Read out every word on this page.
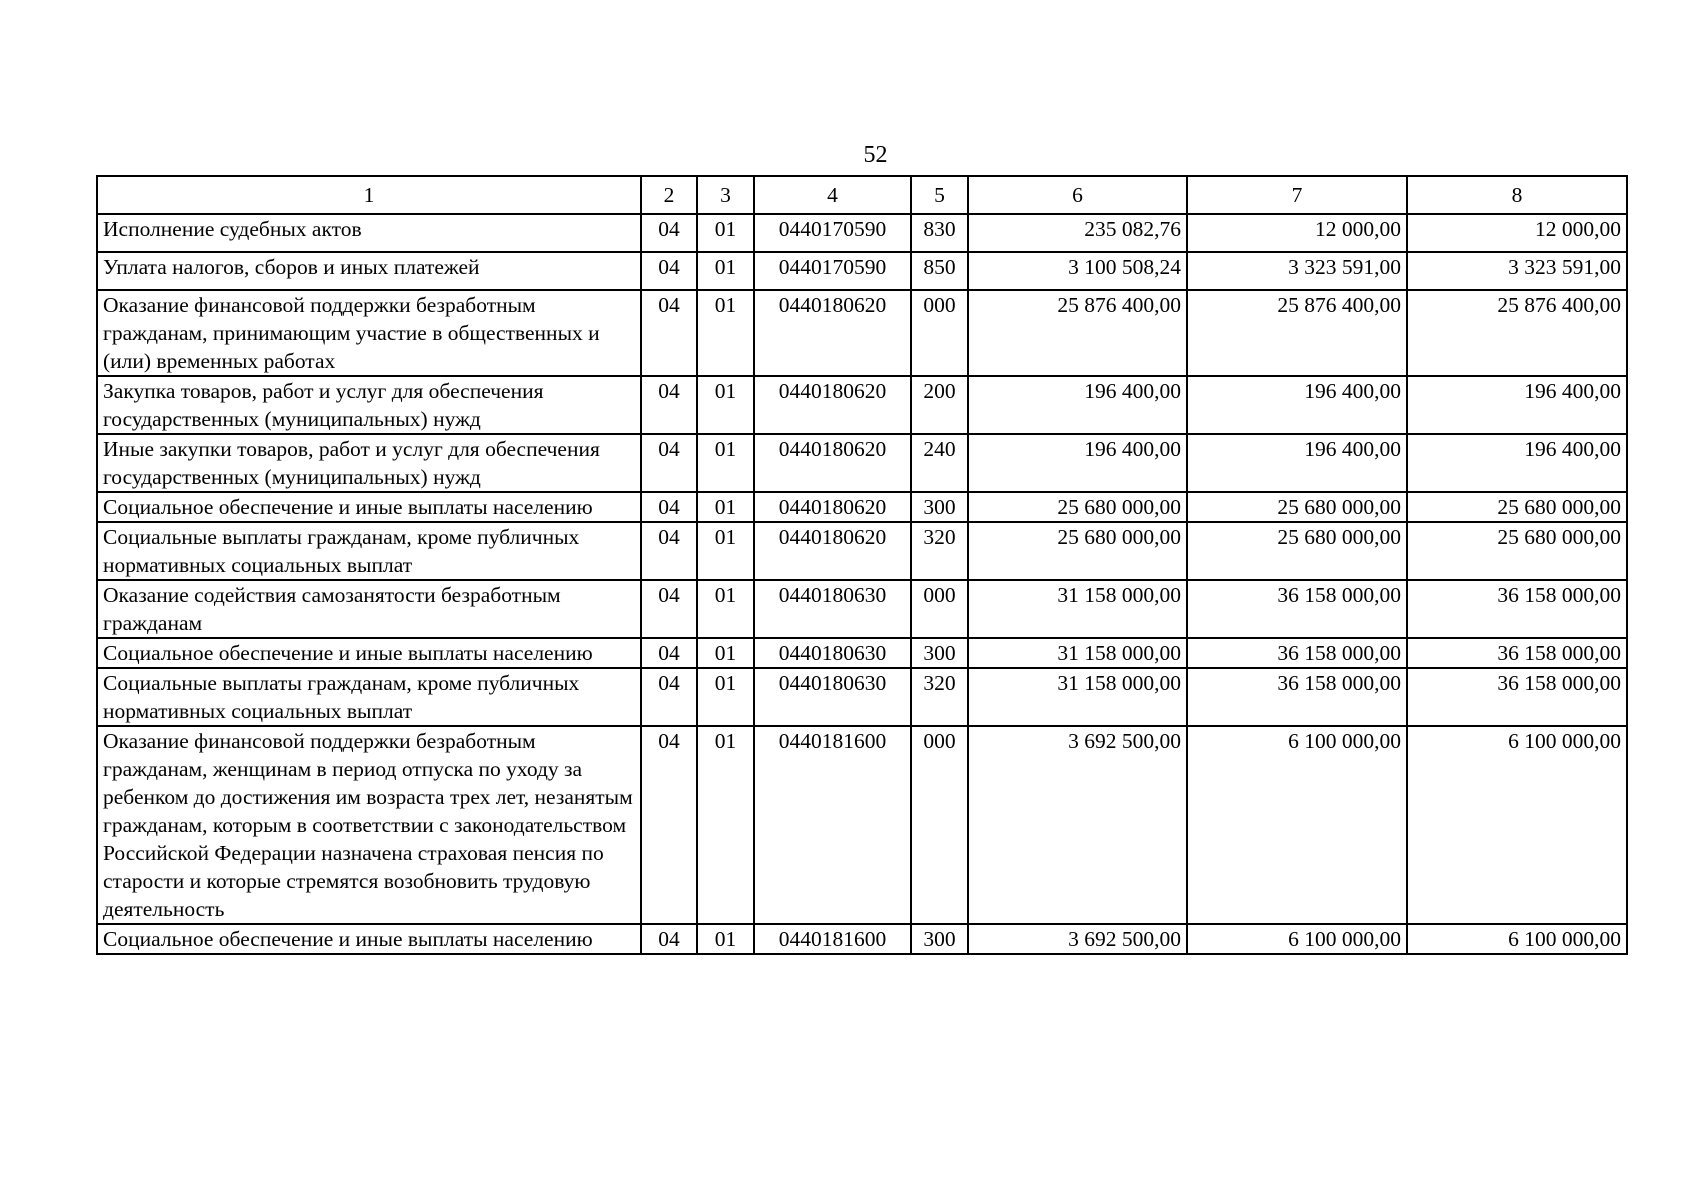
52
1	2	3	4	5	6	7	8
Исполнение судебных актов	04	01	0440170590	830	235 082,76	12 000,00	12 000,00
Уплата налогов, сборов и иных платежей	04	01	0440170590	850	3 100 508,24	3 323 591,00	3 323 591,00
Оказание финансовой поддержки безработным гражданам, принимающим участие в общественных и (или) временных работах	04	01	0440180620	000	25 876 400,00	25 876 400,00	25 876 400,00
Закупка товаров, работ и услуг для обеспечения государственных (муниципальных) нужд	04	01	0440180620	200	196 400,00	196 400,00	196 400,00
Иные закупки товаров, работ и услуг для обеспечения государственных (муниципальных) нужд	04	01	0440180620	240	196 400,00	196 400,00	196 400,00
Социальное обеспечение и иные выплаты населению	04	01	0440180620	300	25 680 000,00	25 680 000,00	25 680 000,00
Социальные выплаты гражданам, кроме публичных нормативных социальных выплат	04	01	0440180620	320	25 680 000,00	25 680 000,00	25 680 000,00
Оказание содействия самозанятости безработным гражданам	04	01	0440180630	000	31 158 000,00	36 158 000,00	36 158 000,00
Социальное обеспечение и иные выплаты населению	04	01	0440180630	300	31 158 000,00	36 158 000,00	36 158 000,00
Социальные выплаты гражданам, кроме публичных нормативных социальных выплат	04	01	0440180630	320	31 158 000,00	36 158 000,00	36 158 000,00
Оказание финансовой поддержки безработным гражданам, женщинам в период отпуска по уходу за ребенком до достижения им возраста трех лет, незанятым гражданам, которым в соответствии с законодательством Российской Федерации назначена страховая пенсия по старости и которые стремятся возобновить трудовую деятельность	04	01	0440181600	000	3 692 500,00	6 100 000,00	6 100 000,00
Социальное обеспечение и иные выплаты населению	04	01	0440181600	300	3 692 500,00	6 100 000,00	6 100 000,00
